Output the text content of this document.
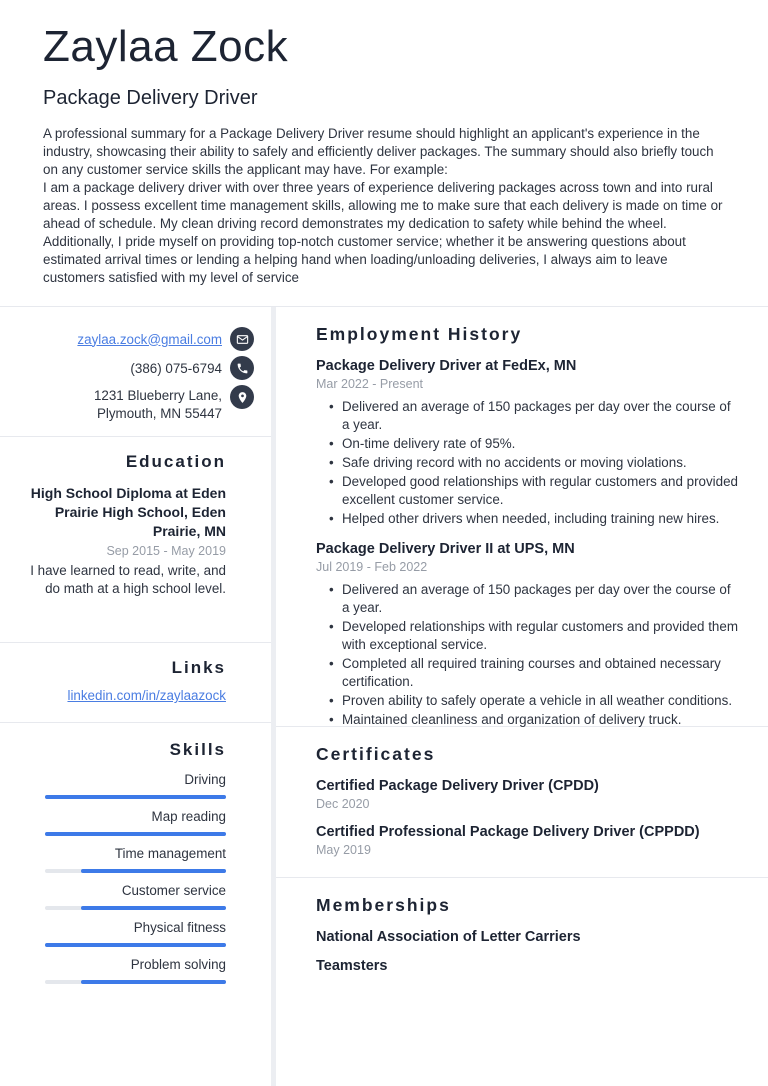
Zaylaa Zock
Package Delivery Driver

A professional summary for a Package Delivery Driver resume should highlight an applicant's experience in the industry, showcasing their ability to safely and efficiently deliver packages. The summary should also briefly touch on any customer service skills the applicant may have. For example:

I am a package delivery driver with over three years of experience delivering packages across town and into rural areas. I possess excellent time management skills, allowing me to make sure that each delivery is made on time or ahead of schedule. My clean driving record demonstrates my dedication to safety while behind the wheel. Additionally, I pride myself on providing top-notch customer service; whether it be answering questions about estimated arrival times or lending a helping hand when loading/unloading deliveries, I always aim to leave customers satisfied with my level of service

zaylaa.zock@gmail.com
(386) 075-6794
1231 Blueberry Lane,
Plymouth, MN 55447
Education
High School Diploma at Eden Prairie High School, Eden Prairie, MN
Sep 2015 - May 2019
I have learned to read, write, and do math at a high school level.
Links
linkedin.com/in/zaylaazock
Skills
Driving
Map reading
Time management
Customer service
Physical fitness
Problem solving
Employment History
Package Delivery Driver at FedEx, MN
Mar 2022 - Present
• Delivered an average of 150 packages per day over the course of a year.
• On-time delivery rate of 95%.
• Safe driving record with no accidents or moving violations.
• Developed good relationships with regular customers and provided excellent customer service.
• Helped other drivers when needed, including training new hires.
Package Delivery Driver II at UPS, MN
Jul 2019 - Feb 2022
• Delivered an average of 150 packages per day over the course of a year.
• Developed relationships with regular customers and provided them with exceptional service.
• Completed all required training courses and obtained necessary certification.
• Proven ability to safely operate a vehicle in all weather conditions.
• Maintained cleanliness and organization of delivery truck.
Certificates
Certified Package Delivery Driver (CPDD)
Dec 2020
Certified Professional Package Delivery Driver (CPPDD)
May 2019
Memberships
National Association of Letter Carriers
Teamsters
